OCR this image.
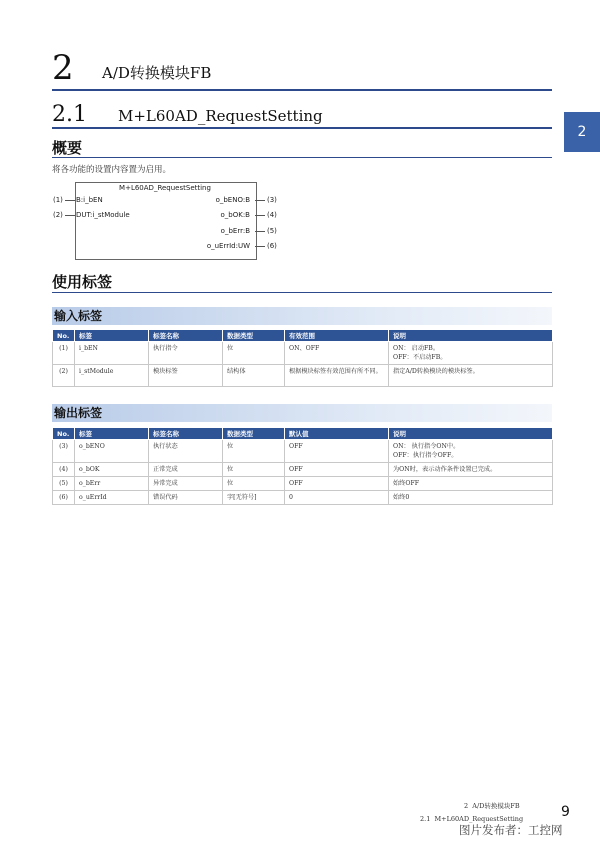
2 A/D转换模块FB
2.1 M+L60AD_RequestSetting
2
概要
将各功能的设置内容置为启用。
M+L60AD_RequestSetting
(1) B:i_bEN
(2) DUT:i_stModule
o_bENO:B (3)
o_bOK:B (4)
o_bErr:B (5)
o_uErrId:UW (6)
使用标签
输入标签
No.	标签	标签名称	数据类型	有效范围	说明
(1)	i_bEN	执行指令	位	ON、OFF	ON： 启动FB。
OFF：不启动FB。

(2)	i_stModule	模块标签	结构体	根据模块标签有效范围有所不同。	指定A/D转换模块的模块标签。
输出标签
No.	标签	标签名称	数据类型	默认值	说明
(3)	o_bENO	执行状态	位	OFF	ON： 执行指令ON中。
OFF：执行指令OFF。

(4)	o_bOK	正常完成	位	OFF	为ON时，表示动作条件设置已完成。
(5)	o_bErr	异常完成	位	OFF	始终OFF
(6)	o_uErrId	错误代码	字[无符号]	0	始终0
2  A/D转换模块FB
2.1  M+L60AD_RequestSetting	9
图片发布者：工控网
